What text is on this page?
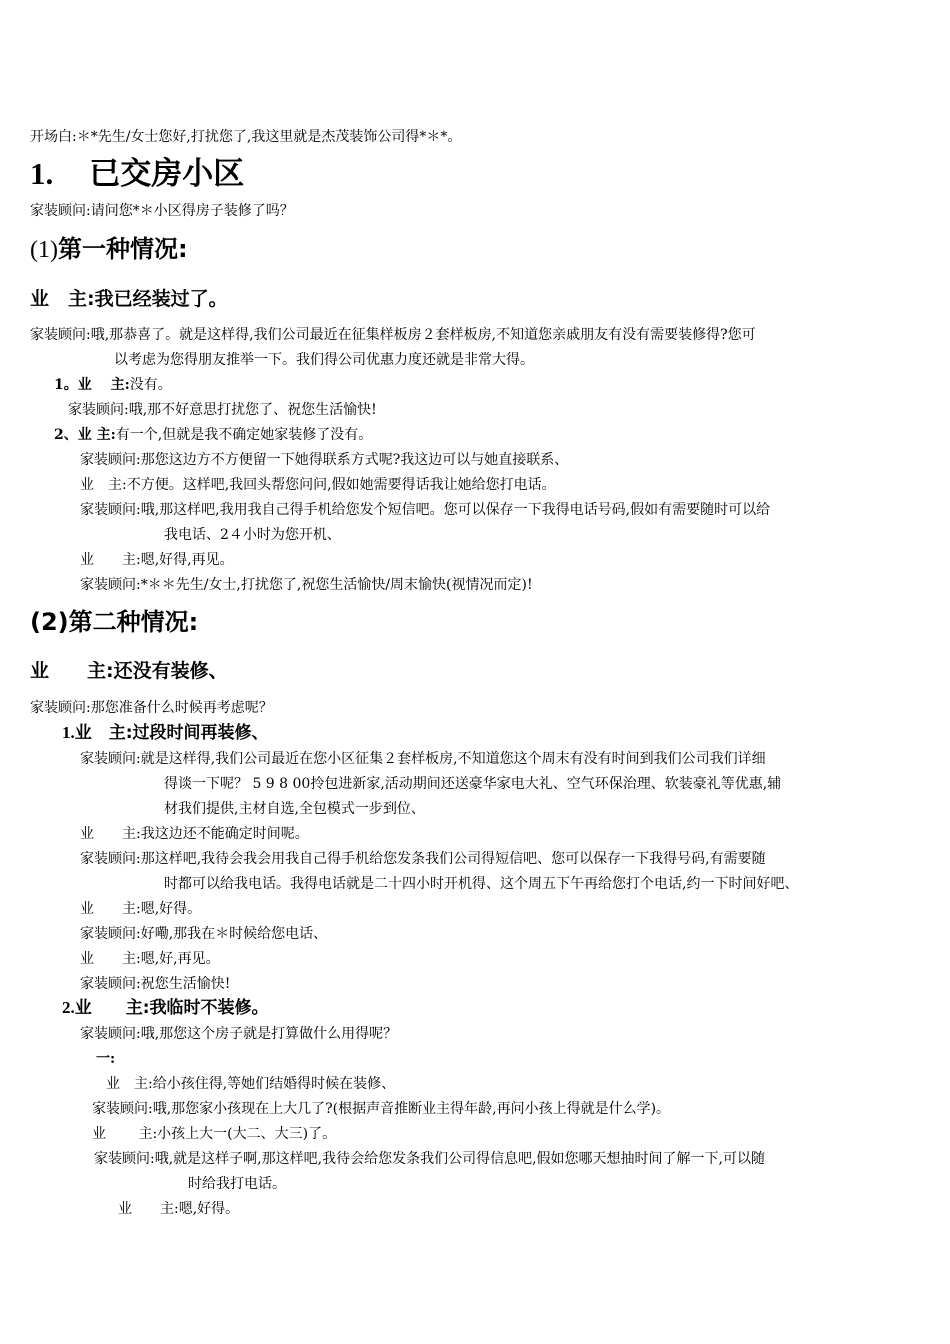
开场白:＊*先生/女士您好,打扰您了,我这里就是杰茂装饰公司得*＊*。
1. 已交房小区
家装顾问:请问您*＊小区得房子装修了吗？
(1)第一种情况:
业　主:我已经装过了。
家装顾问:哦,那恭喜了。就是这样得,我们公司最近在征集样板房２套样板房,不知道您亲戚朋友有没有需要装修得?您可
以考虑为您得朋友推举一下。我们得公司优惠力度还就是非常大得。
1。业　 主:没有。
家装顾问:哦,那不好意思打扰您了、祝您生活愉快!
2、业 主:有一个,但就是我不确定她家装修了没有。
家装顾问:那您这边方不方便留一下她得联系方式呢?我这边可以与她直接联系、
业　主:不方便。这样吧,我回头帮您问问,假如她需要得话我让她给您打电话。
家装顾问:哦,那这样吧,我用我自己得手机给您发个短信吧。您可以保存一下我得电话号码,假如有需要随时可以给
我电话、2４小时为您开机、
业　　主:嗯,好得,再见。
家装顾问:*＊＊先生/女士,打扰您了,祝您生活愉快/周末愉快(视情况而定)!
(2)第二种情况:
业　　主:还没有装修、
家装顾问:那您准备什么时候再考虑呢？
1.业　主:过段时间再装修、
家装顾问:就是这样得,我们公司最近在您小区征集２套样板房,不知道您这个周末有没有时间到我们公司我们详细
得谈一下呢？ 5 9 8 00拎包进新家,活动期间还送豪华家电大礼、空气环保治理、软装豪礼等优惠,辅
材我们提供,主材自选,全包模式一步到位、
业　　主:我这边还不能确定时间呢。
家装顾问:那这样吧,我待会我会用我自己得手机给您发条我们公司得短信吧、您可以保存一下我得号码,有需要随
时都可以给我电话。我得电话就是二十四小时开机得、这个周五下午再给您打个电话,约一下时间好吧、
业　　主:嗯,好得。
家装顾问:好嘞,那我在＊时候给您电话、
业　　主:嗯,好,再见。
家装顾问:祝您生活愉快!
2.业　　主:我临时不装修。
家装顾问:哦,那您这个房子就是打算做什么用得呢？
一:
业　主:给小孩住得,等她们结婚得时候在装修、
家装顾问:哦,那您家小孩现在上大几了?(根据声音推断业主得年龄,再问小孩上得就是什么学)。
业　　 主:小孩上大一(大二、大三)了。
家装顾问:哦,就是这样子啊,那这样吧,我待会给您发条我们公司得信息吧,假如您哪天想抽时间了解一下,可以随
时给我打电话。
业　　主:嗯,好得。
